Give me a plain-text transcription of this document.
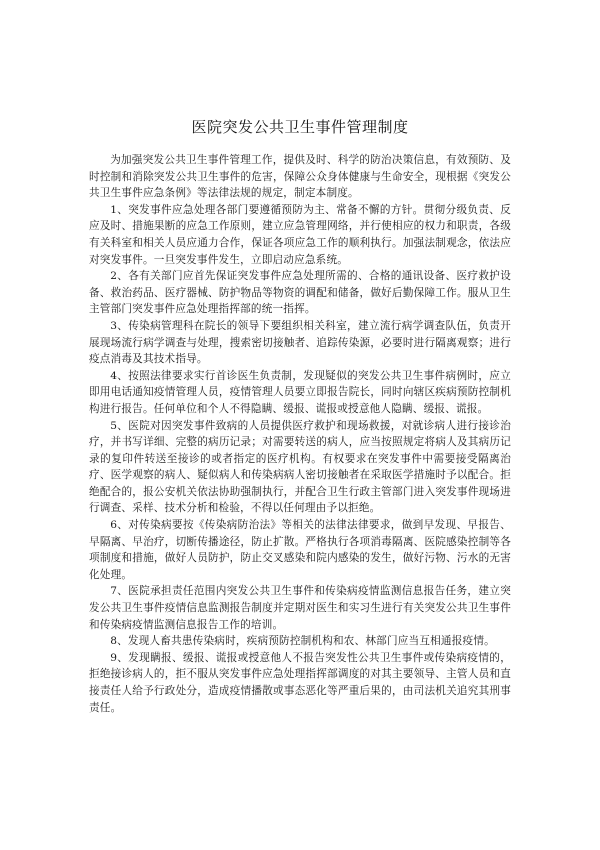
医院突发公共卫生事件管理制度

为加强突发公共卫生事件管理工作，提供及时、科学的防治决策信息，有效预防、及时控制和消除突发公共卫生事件的危害，保障公众身体健康与生命安全，现根据《突发公共卫生事件应急条例》等法律法规的规定，制定本制度。

1、突发事件应急处理各部门要遵循预防为主、常备不懈的方针。贯彻分级负责、反应及时、措施果断的应急工作原则，建立应急管理网络，并行使相应的权力和职责，各级有关科室和相关人员应通力合作，保证各项应急工作的顺利执行。加强法制观念，依法应对突发事件。一旦突发事件发生，立即启动应急系统。

2、各有关部门应首先保证突发事件应急处理所需的、合格的通讯设备、医疗救护设备、救治药品、医疗器械、防护物品等物资的调配和储备，做好后勤保障工作。服从卫生主管部门突发事件应急处理指挥部的统一指挥。

3、传染病管理科在院长的领导下要组织相关科室，建立流行病学调查队伍，负责开展现场流行病学调查与处理，搜索密切接触者、追踪传染源，必要时进行隔离观察；进行疫点消毒及其技术指导。

4、按照法律要求实行首诊医生负责制，发现疑似的突发公共卫生事件病例时，应立即用电话通知疫情管理人员，疫情管理人员要立即报告院长，同时向辖区疾病预防控制机构进行报告。任何单位和个人不得隐瞒、缓报、谎报或授意他人隐瞒、缓报、谎报。

5、医院对因突发事件致病的人员提供医疗救护和现场救援，对就诊病人进行接诊治疗，并书写详细、完整的病历记录；对需要转送的病人，应当按照规定将病人及其病历记录的复印件转送至接诊的或者指定的医疗机构。有权要求在突发事件中需要接受隔离治疗、医学观察的病人、疑似病人和传染病病人密切接触者在采取医学措施时予以配合。拒绝配合的，报公安机关依法协助强制执行，并配合卫生行政主管部门进入突发事件现场进行调查、采样、技术分析和检验，不得以任何理由予以拒绝。

6、对传染病要按《传染病防治法》等相关的法律法律要求，做到早发现、早报告、早隔离、早治疗，切断传播途径，防止扩散。严格执行各项消毒隔离、医院感染控制等各项制度和措施，做好人员防护，防止交叉感染和院内感染的发生，做好污物、污水的无害化处理。

7、医院承担责任范围内突发公共卫生事件和传染病疫情监测信息报告任务，建立突发公共卫生事件疫情信息监测报告制度并定期对医生和实习生进行有关突发公共卫生事件和传染病疫情监测信息报告工作的培训。

8、发现人畜共患传染病时，疾病预防控制机构和农、林部门应当互相通报疫情。

9、发现瞒报、缓报、谎报或授意他人不报告突发性公共卫生事件或传染病疫情的，拒绝接诊病人的，拒不服从突发事件应急处理指挥部调度的对其主要领导、主管人员和直接责任人给予行政处分，造成疫情播散或事态恶化等严重后果的，由司法机关追究其刑事责任。
